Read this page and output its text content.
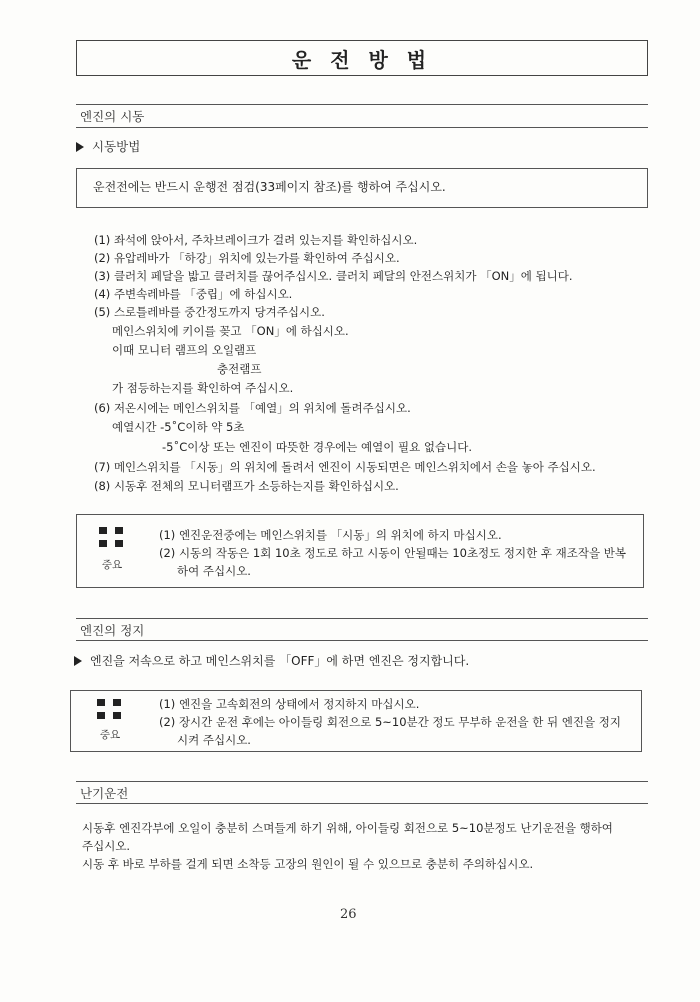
운 전 방 법
엔진의 시동
시동방법
운전전에는 반드시 운행전 점검(33페이지 참조)를 행하여 주십시오.
(1) 좌석에 앉아서, 주차브레이크가 걸려 있는지를 확인하십시오.
(2) 유압레바가 「하강」위치에 있는가를 확인하여 주십시오.
(3) 클러치 페달을 밟고 클러치를 끊어주십시오. 클러치 페달의 안전스위치가 「ON」에 됩니다.
(4) 주변속레바를 「중립」에 하십시오.
(5) 스로틀레바를 중간정도까지 당겨주십시오.
메인스위치에 키이를 꽂고 「ON」에 하십시오.
이때 모니터 램프의 오일램프
충전램프
가 점등하는지를 확인하여 주십시오.
(6) 저온시에는 메인스위치를 「예열」의 위치에 돌려주십시오.
예열시간 -5˚C이하 약 5초
-5˚C이상 또는 엔진이 따뜻한 경우에는 예열이 필요 없습니다.
(7) 메인스위치를 「시동」의 위치에 돌려서 엔진이 시동되면은 메인스위치에서 손을 놓아 주십시오.
(8) 시동후 전체의 모니터램프가 소등하는지를 확인하십시오.
중요
(1) 엔진운전중에는 메인스위치를 「시동」의 위치에 하지 마십시오.
(2) 시동의 작동은 1회 10초 정도로 하고 시동이 안될때는 10초정도 정지한 후 재조작을 반복
하여 주십시오.
엔진의 정지
엔진을 저속으로 하고 메인스위치를 「OFF」에 하면 엔진은 정지합니다.
중요
(1) 엔진을 고속회전의 상태에서 정지하지 마십시오.
(2) 장시간 운전 후에는 아이들링 회전으로 5~10분간 정도 무부하 운전을 한 뒤 엔진을 정지
시켜 주십시오.
난기운전
시동후 엔진각부에 오일이 충분히 스며들게 하기 위해, 아이들링 회전으로 5~10분정도 난기운전을 행하여
주십시오.
시동 후 바로 부하를 걸게 되면 소착등 고장의 원인이 될 수 있으므로 충분히 주의하십시오.
26
